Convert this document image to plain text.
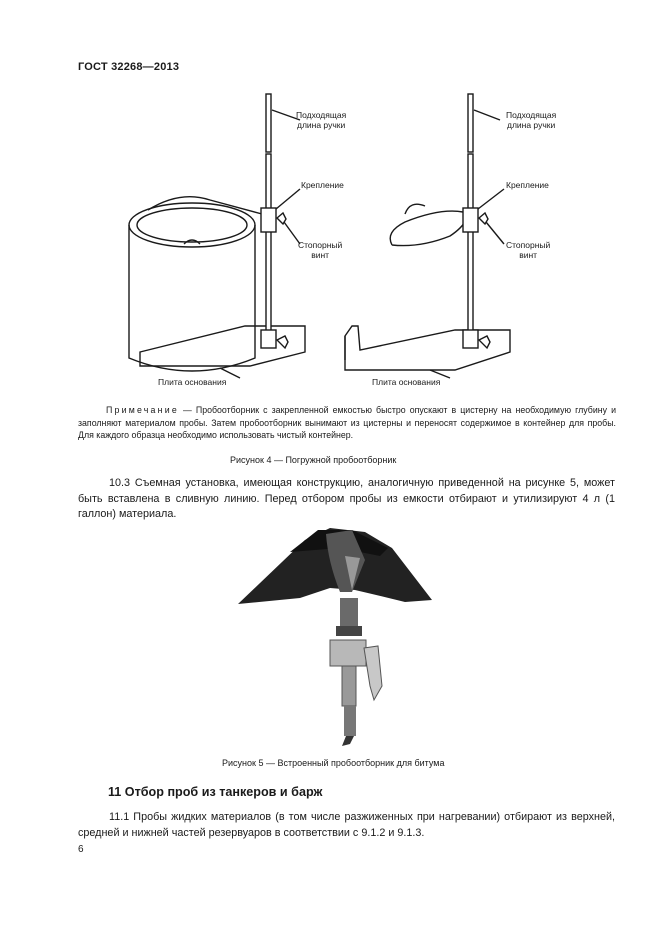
ГОСТ 32268—2013
Подходящая
длина ручки
Крепление
Стопорный
винт
Плита основания
Подходящая
длина ручки
Крепление
Стопорный
винт
Плита основания
Примечание — Пробоотборник с закрепленной емкостью быстро опускают в цистерну на необходимую глубину и заполняют материалом пробы. Затем пробоотборник вынимают из цистерны и переносят содержимое в контейнер для пробы. Для каждого образца необходимо использовать чистый контейнер.
Рисунок 4 — Погружной пробоотборник
10.3 Съемная установка, имеющая конструкцию, аналогичную приведенной на рисунке 5, может быть вставлена в сливную линию. Перед отбором пробы из емкости отбирают и утилизируют 4 л (1 галлон) материала.
Рисунок 5 — Встроенный пробоотборник для битума
11 Отбор проб из танкеров и барж
11.1 Пробы жидких материалов (в том числе разжиженных при нагревании) отбирают из верхней, средней и нижней частей резервуаров в соответствии с 9.1.2 и 9.1.3.
6
